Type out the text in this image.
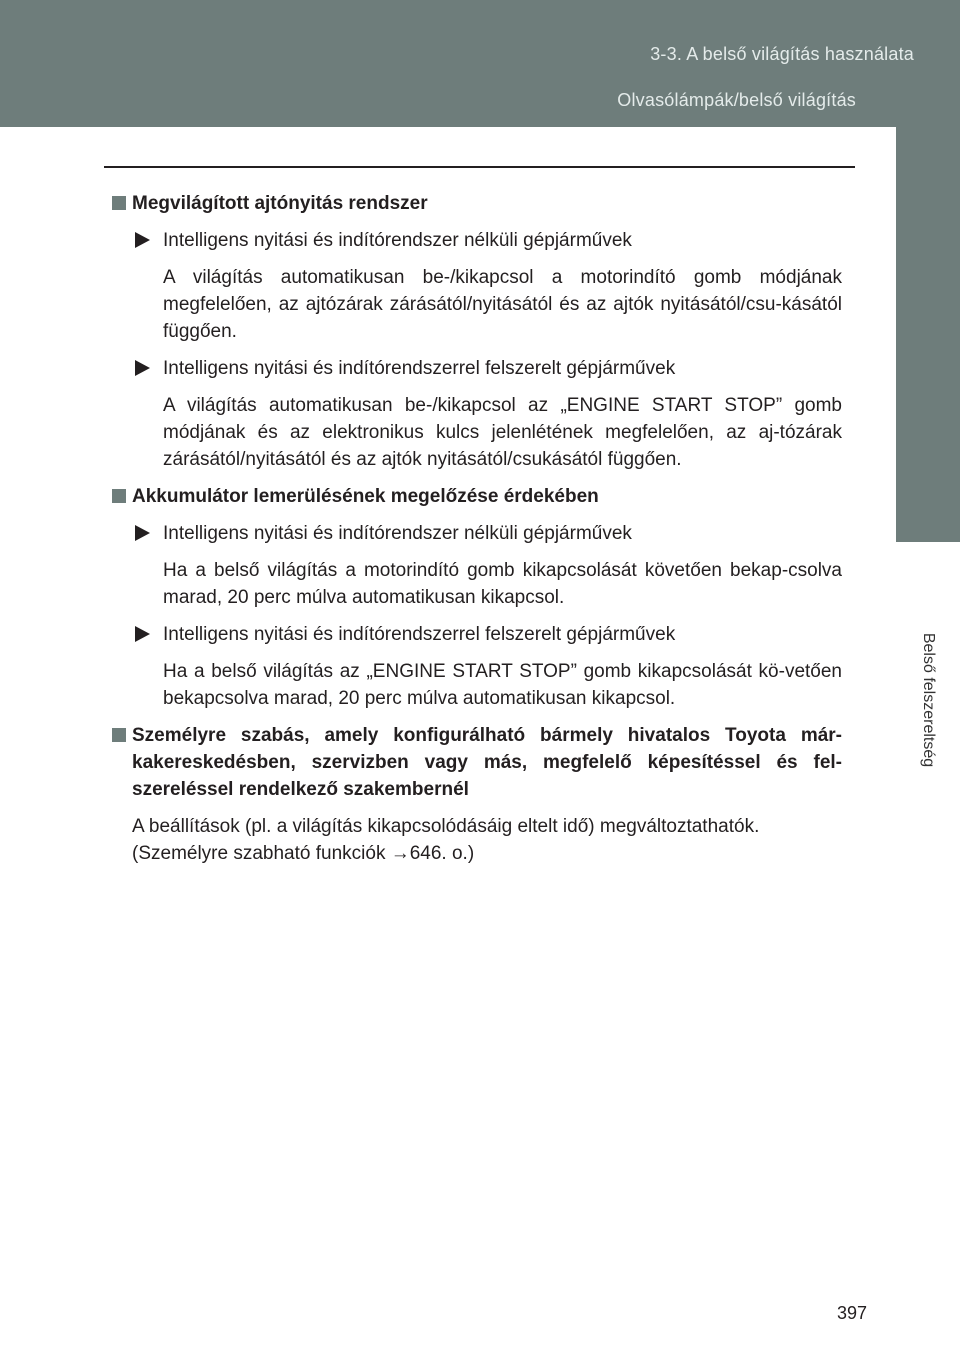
3-3. A belső világítás használata
Olvasólámpák/belső világítás
3
Belső felszereltség
Megvilágított ajtónyitás rendszer
Intelligens nyitási és indítórendszer nélküli gépjárművek
A világítás automatikusan be-/kikapcsol a motorindító gomb módjának megfelelően, az ajtózárak zárásától/nyitásától és az ajtók nyitásától/csu-kásától függően.
Intelligens nyitási és indítórendszerrel felszerelt gépjárművek
A világítás automatikusan be-/kikapcsol az „ENGINE START STOP” gomb módjának és az elektronikus kulcs jelenlétének megfelelően, az aj-tózárak zárásától/nyitásától és az ajtók nyitásától/csukásától függően.
Akkumulátor lemerülésének megelőzése érdekében
Intelligens nyitási és indítórendszer nélküli gépjárművek
Ha a belső világítás a motorindító gomb kikapcsolását követően bekap-csolva marad, 20 perc múlva automatikusan kikapcsol.
Intelligens nyitási és indítórendszerrel felszerelt gépjárművek
Ha a belső világítás az „ENGINE START STOP” gomb kikapcsolását kö-vetően bekapcsolva marad, 20 perc múlva automatikusan kikapcsol.
Személyre szabás, amely konfigurálható bármely hivatalos Toyota már-kakereskedésben, szervizben vagy más, megfelelő képesítéssel és fel-szereléssel rendelkező szakembernél
A beállítások (pl. a világítás kikapcsolódásáig eltelt idő) megváltoztathatók.
(Személyre szabható funkciók →646. o.)
397
